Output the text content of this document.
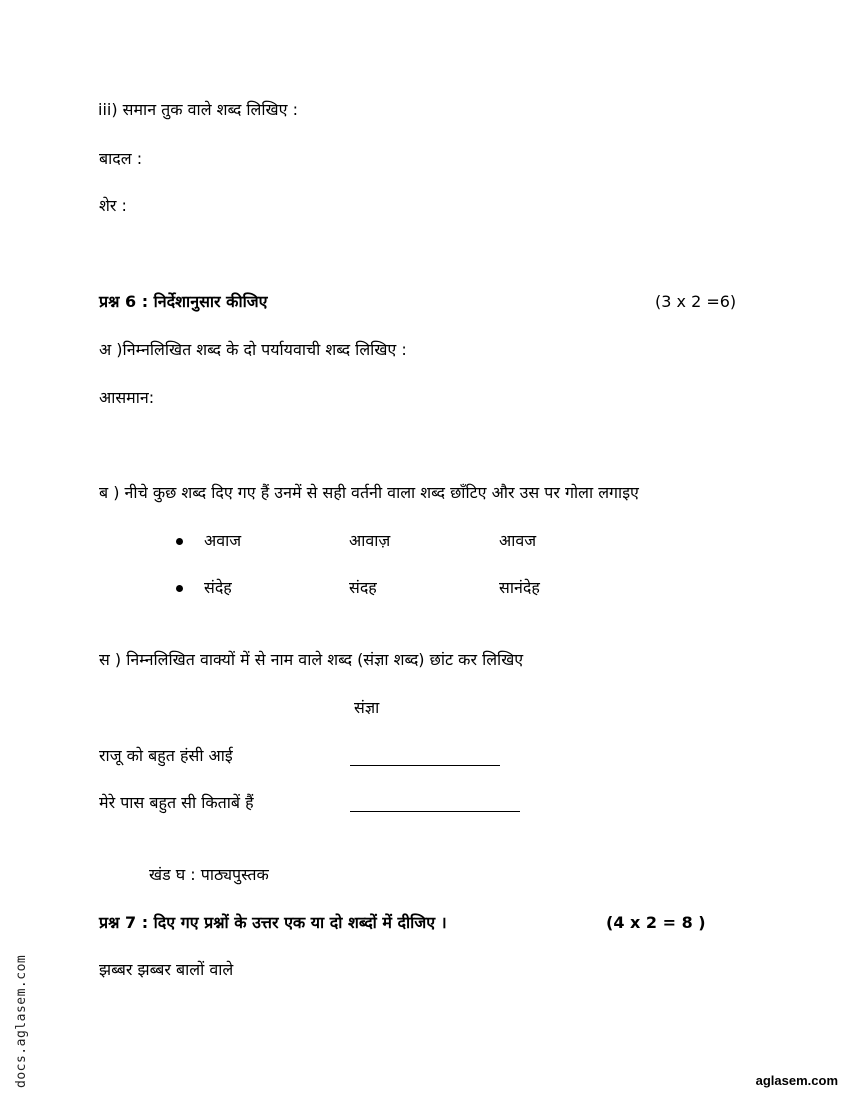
iii) समान तुक वाले शब्द लिखिए :
बादल :
शेर :
प्रश्न 6 : निर्देशानुसार कीजिए	(3 x 2 =6)
अ )निम्नलिखित शब्द के दो पर्यायवाची शब्द लिखिए :
आसमान:
ब ) नीचे कुछ शब्द दिए गए हैं उनमें से सही वर्तनी वाला शब्द छाँटिए और उस पर गोला लगाइए
अवाज	आवाज़	आवज
संदेह	संदह	सानंदेह
स ) निम्नलिखित वाक्यों में से नाम वाले शब्द (संज्ञा शब्द) छांट कर लिखिए
संज्ञा
राजू को बहुत हंसी आई
मेरे पास बहुत सी किताबें हैं
खंड घ : पाठ्यपुस्तक
प्रश्न 7 : दिए गए प्रश्नों के उत्तर एक या दो शब्दों में दीजिए ।	(4 x 2 = 8 )
झब्बर झब्बर बालों वाले
docs.aglasem.com	aglasem.com
